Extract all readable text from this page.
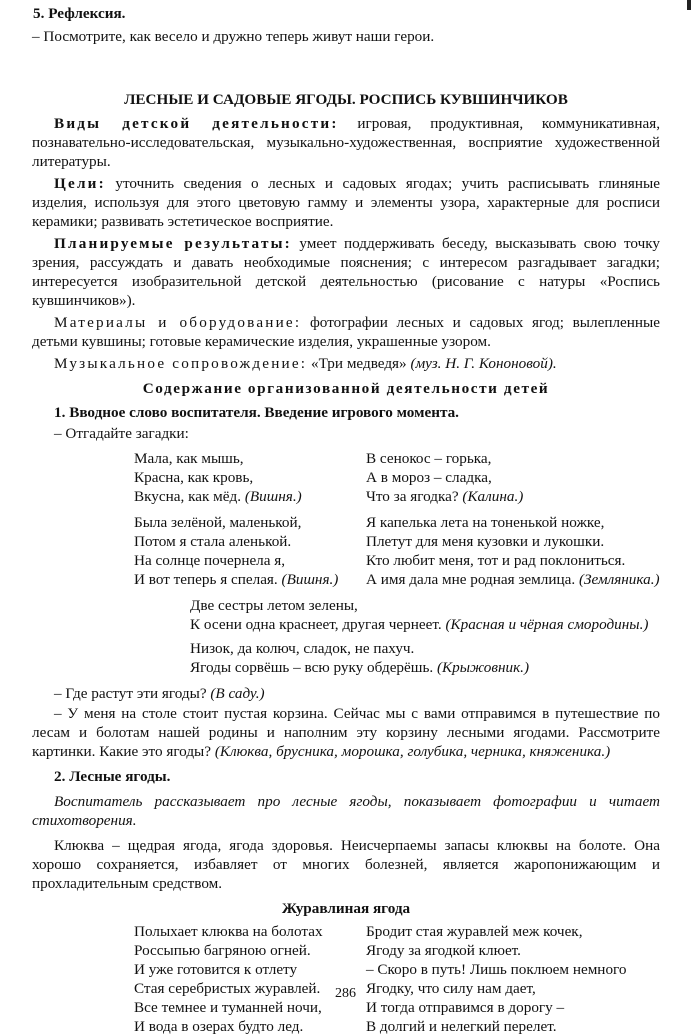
5. Рефлексия.

– Посмотрите, как весело и дружно теперь живут наши герои.

ЛЕСНЫЕ И САДОВЫЕ ЯГОДЫ. РОСПИСЬ КУВШИНЧИКОВ

Виды детской деятельности: игровая, продуктивная, коммуникативная, познавательно-исследовательская, музыкально-художественная, восприятие художественной литературы.

Цели: уточнить сведения о лесных и садовых ягодах; учить расписывать глиняные изделия, используя для этого цветовую гамму и элементы узора, характерные для росписи керамики; развивать эстетическое восприятие.

Планируемые результаты: умеет поддерживать беседу, высказывать свою точку зрения, рассуждать и давать необходимые пояснения; с интересом разгадывает загадки; интересуется изобразительной детской деятельностью (рисование с натуры «Роспись кувшинчиков»).

Материалы и оборудование: фотографии лесных и садовых ягод; вылепленные детьми кувшины; готовые керамические изделия, украшенные узором.

Музыкальное сопровождение: «Три медведя» (муз. Н. Г. Кононовой).

Содержание организованной деятельности детей

1. Вводное слово воспитателя. Введение игрового момента.

– Отгадайте загадки:

Мала, как мышь,	В сенокос – горька,
Красна, как кровь,	А в мороз – сладка,
Вкусна, как мёд. (Вишня.)	Что за ягодка? (Калина.)
Была зелёной, маленькой,	Я капелька лета на тоненькой ножке,
Потом я стала аленькой.	Плетут для меня кузовки и лукошки.
На солнце почернела я,	Кто любит меня, тот и рад поклониться.
И вот теперь я спелая. (Вишня.)	А имя дала мне родная землица. (Земляника.)
Две сестры летом зелены,
К осени одна краснеет, другая чернеет. (Красная и чёрная смородины.)
Низок, да колюч, сладок, не пахуч.
Ягоды сорвёшь – всю руку обдерёшь. (Крыжовник.)

– Где растут эти ягоды? (В саду.)

– У меня на столе стоит пустая корзина. Сейчас мы с вами отправимся в путешествие по лесам и болотам нашей родины и наполним эту корзину лесными ягодами. Рассмотрите картинки. Какие это ягоды? (Клюква, брусника, морошка, голубика, черника, княженика.)

2. Лесные ягоды.

Воспитатель рассказывает про лесные ягоды, показывает фотографии и читает стихотворения.

Клюква – щедрая ягода, ягода здоровья. Неисчерпаемы запасы клюквы на болоте. Она хорошо сохраняется, избавляет от многих болезней, является жаропонижающим и прохладительным средством.

Журавлиная ягода

Полыхает клюква на болотах	Бродит стая журавлей меж кочек,
Россыпью багряною огней.	Ягоду за ягодкой клюет.
И уже готовится к отлету	– Скоро в путь! Лишь поклюем немного
Стая серебристых журавлей.	Ягодку, что силу нам дает,
Все темнее и туманней ночи,	И тогда отправимся в дорогу –
И вода в озерах будто лед.	В долгий и нелегкий перелет.
286
